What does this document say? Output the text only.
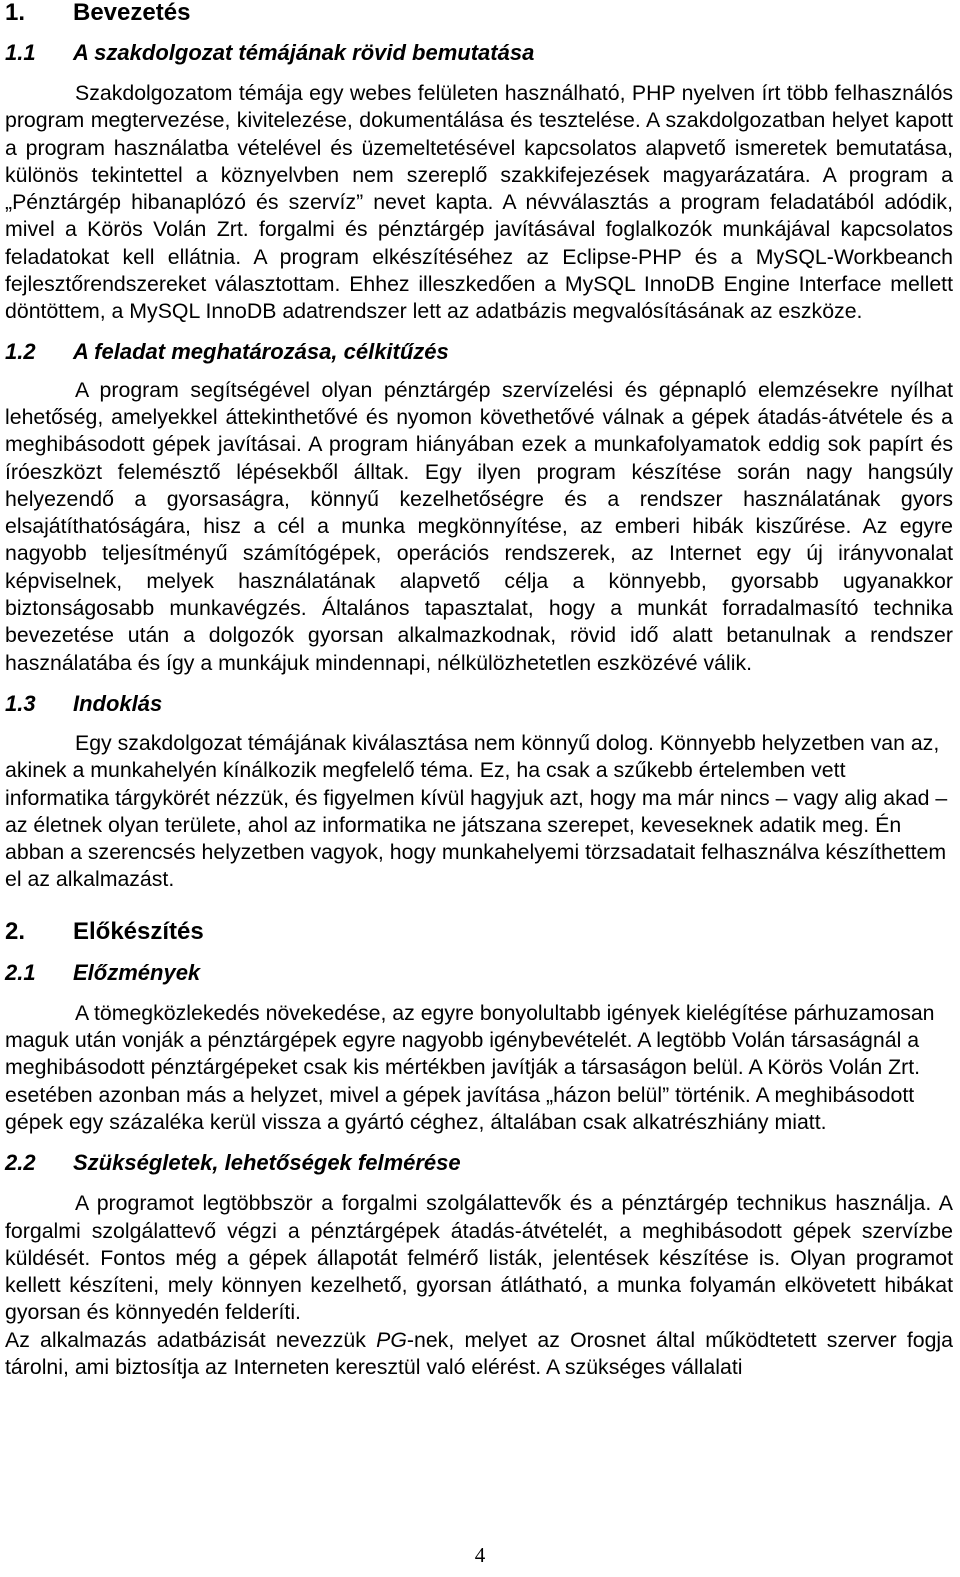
1.	Bevezetés
1.1	A szakdolgozat témájának rövid bemutatása

Szakdolgozatom témája egy webes felületen használható, PHP nyelven írt több felhasználós program megtervezése, kivitelezése, dokumentálása és tesztelése. A szakdolgozatban helyet kapott a program használatba vételével és üzemeltetésével kapcsolatos alapvető ismeretek bemutatása, különös tekintettel a köznyelvben nem szereplő szakkifejezések magyarázatára. A program a „Pénztárgép hibanaplózó és szervíz” nevet kapta. A névválasztás a program feladatából adódik, mivel a Körös Volán Zrt. forgalmi és pénztárgép javításával foglalkozók munkájával kapcsolatos feladatokat kell ellátnia. A program elkészítéséhez az Eclipse-PHP és a MySQL-Workbeanch fejlesztőrendszereket választottam. Ehhez illeszkedően a MySQL InnoDB Engine Interface mellett döntöttem, a MySQL InnoDB adatrendszer lett az adatbázis megvalósításának az eszköze.

1.2	A feladat meghatározása, célkitűzés

A program segítségével olyan pénztárgép szervízelési és gépnapló elemzésekre nyílhat lehetőség, amelyekkel áttekinthetővé és nyomon követhetővé válnak a gépek átadás-átvétele és a meghibásodott gépek javításai. A program hiányában ezek a munkafolyamatok eddig sok papírt és íróeszközt felemésztő lépésekből álltak. Egy ilyen program készítése során nagy hangsúly helyezendő a gyorsaságra, könnyű kezelhetőségre és a rendszer használatának gyors elsajátíthatóságára, hisz a cél a munka megkönnyítése, az emberi hibák kiszűrése. Az egyre nagyobb teljesítményű számítógépek, operációs rendszerek, az Internet egy új irányvonalat képviselnek, melyek használatának alapvető célja a könnyebb, gyorsabb ugyanakkor biztonságosabb munkavégzés. Általános tapasztalat, hogy a munkát forradalmasító technika bevezetése után a dolgozók gyorsan alkalmazkodnak, rövid idő alatt betanulnak a rendszer használatába és így a munkájuk mindennapi, nélkülözhetetlen eszközévé válik.

1.3	Indoklás

Egy szakdolgozat témájának kiválasztása nem könnyű dolog. Könnyebb helyzetben van az, akinek a munkahelyén kínálkozik megfelelő téma. Ez, ha csak a szűkebb értelemben vett informatika tárgykörét nézzük, és figyelmen kívül hagyjuk azt, hogy ma már nincs – vagy alig akad – az életnek olyan területe, ahol az informatika ne játszana szerepet, keveseknek adatik meg. Én abban a szerencsés helyzetben vagyok, hogy munkahelyemi törzsadatait felhasználva készíthettem el az alkalmazást.

2.	Előkészítés
2.1	Előzmények

A tömegközlekedés növekedése, az egyre bonyolultabb igények kielégítése párhuzamosan maguk után vonják a pénztárgépek egyre nagyobb igénybevételét. A legtöbb Volán társaságnál a meghibásodott pénztárgépeket csak kis mértékben javítják a társaságon belül. A Körös Volán Zrt. esetében azonban más a helyzet, mivel a gépek javítása „házon belül” történik. A meghibásodott gépek egy százaléka kerül vissza a gyártó céghez, általában csak alkatrészhiány miatt.

2.2	Szükségletek, lehetőségek felmérése

A programot legtöbbször a forgalmi szolgálattevők és a pénztárgép technikus használja. A forgalmi szolgálattevő végzi a pénztárgépek átadás-átvételét, a meghibásodott gépek szervízbe küldését. Fontos még a gépek állapotát felmérő listák, jelentések készítése is. Olyan programot kellett készíteni, mely könnyen kezelhető, gyorsan átlátható, a munka folyamán elkövetett hibákat gyorsan és könnyedén felderíti.

Az alkalmazás adatbázisát nevezzük PG-nek, melyet az Orosnet által működtetett szerver fogja tárolni, ami biztosítja az Interneten keresztül való elérést. A szükséges vállalati

4
